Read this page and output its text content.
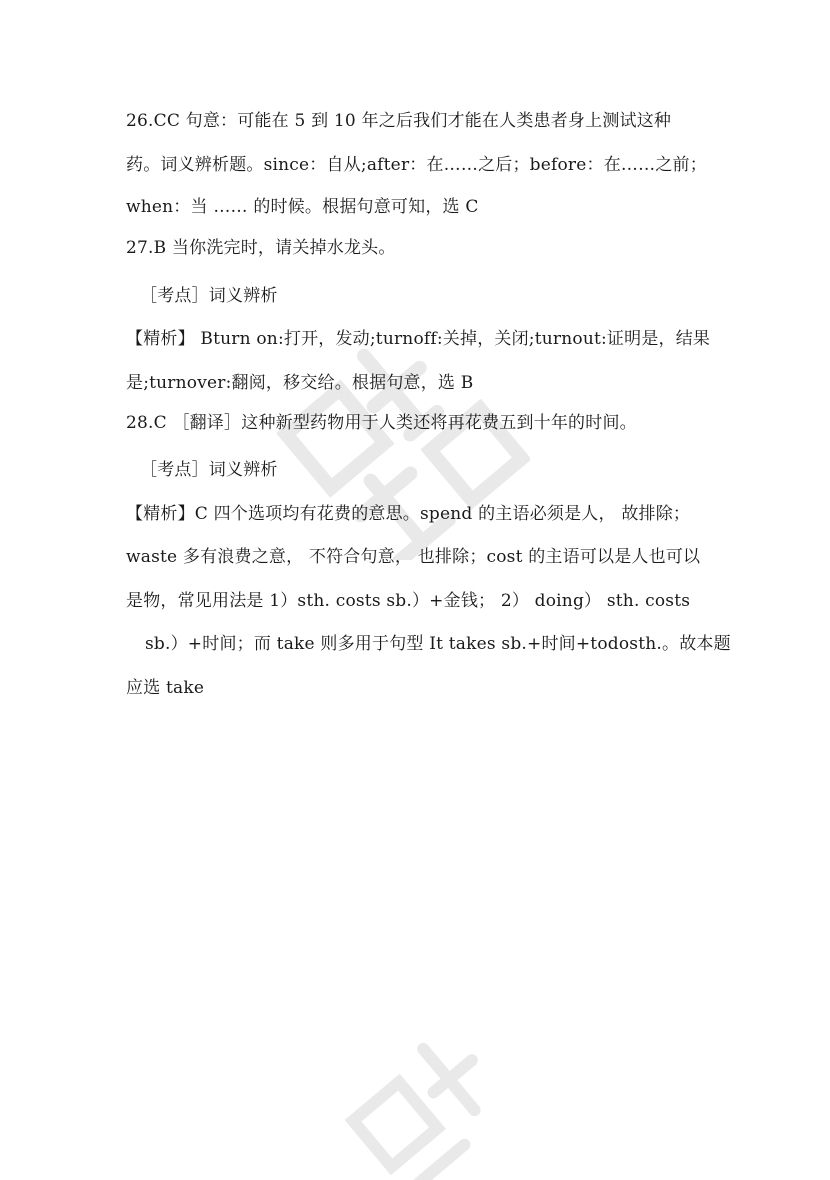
26.CC 句意：可能在 5 到 10 年之后我们才能在人类患者身上测试这种
药。词义辨析题。since：自从;after：在……之后；before：在……之前；
when：当 …… 的时候。根据句意可知，选 C
27.B 当你洗完时，请关掉水龙头。
［考点］词义辨析
【精析】 Bturn on:打开，发动;turnoff:关掉，关闭;turnout:证明是，结果
是;turnover:翻阅，移交给。根据句意，选 B
28.C ［翻译］这种新型药物用于人类还将再花费五到十年的时间。
［考点］词义辨析
【精析】C 四个选项均有花费的意思。spend 的主语必须是人， 故排除；
waste 多有浪费之意， 不符合句意， 也排除；cost 的主语可以是人也可以
是物，常见用法是 1）sth. costs sb.）+金钱； 2） doing） sth. costs
sb.）+时间；而 take 则多用于句型 It takes sb.+时间+todosth.。故本题
应选 take
